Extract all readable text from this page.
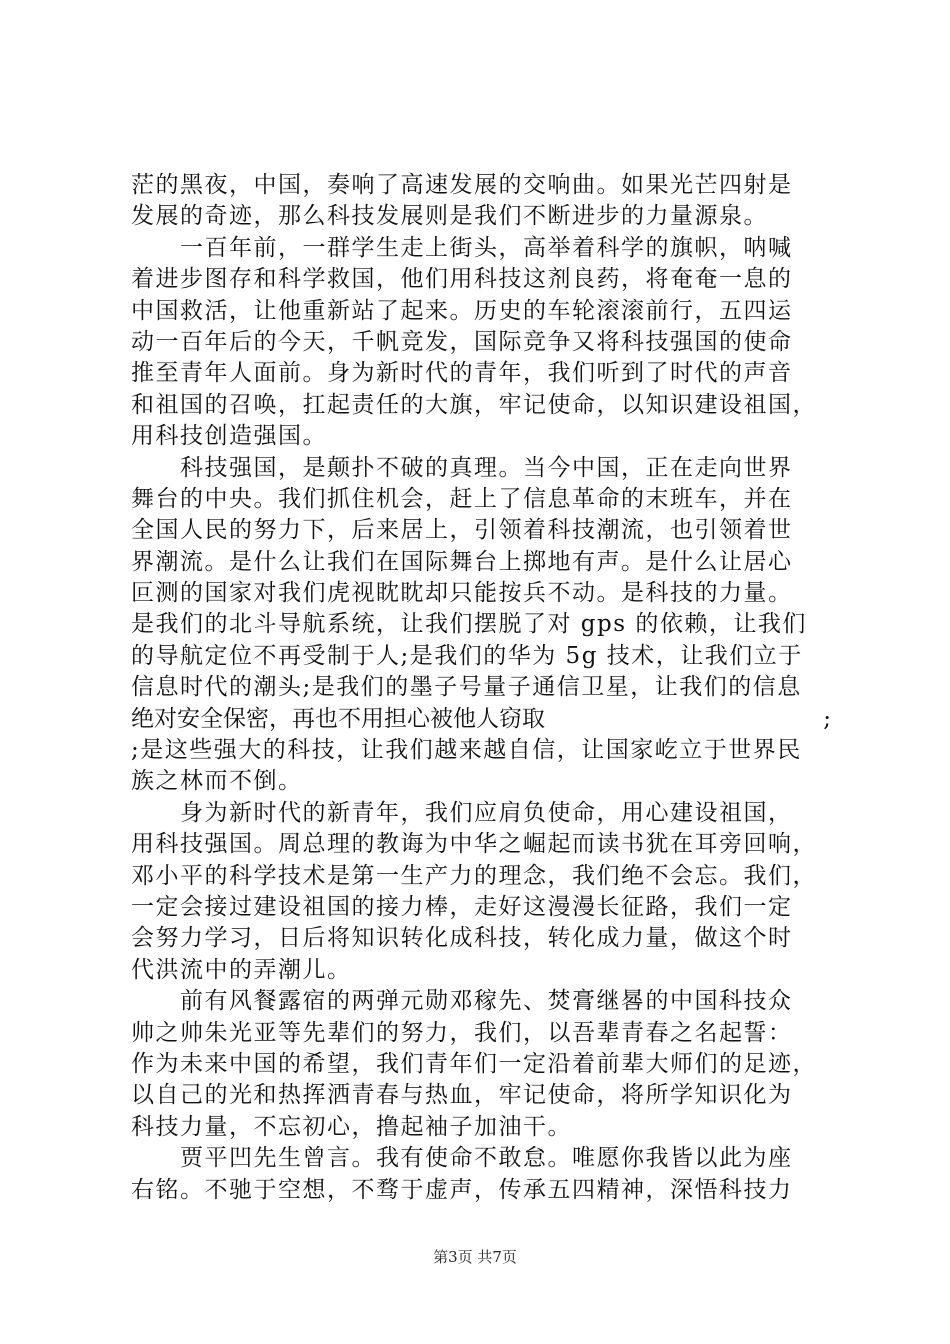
茫的黑夜，中国，奏响了高速发展的交响曲。如果光芒四射是
发展的奇迹，那么科技发展则是我们不断进步的力量源泉。
　　一百年前，一群学生走上街头，高举着科学的旗帜，呐喊
着进步图存和科学救国，他们用科技这剂良药，将奄奄一息的
中国救活，让他重新站了起来。历史的车轮滚滚前行，五四运
动一百年后的今天，千帆竞发，国际竞争又将科技强国的使命
推至青年人面前。身为新时代的青年，我们听到了时代的声音
和祖国的召唤，扛起责任的大旗，牢记使命，以知识建设祖国，
用科技创造强国。
　　科技强国，是颠扑不破的真理。当今中国，正在走向世界
舞台的中央。我们抓住机会，赶上了信息革命的末班车，并在
全国人民的努力下，后来居上，引领着科技潮流，也引领着世
界潮流。是什么让我们在国际舞台上掷地有声。是什么让居心
叵测的国家对我们虎视眈眈却只能按兵不动。是科技的力量。
是我们的北斗导航系统，让我们摆脱了对 gps 的依赖，让我们
的导航定位不再受制于人;是我们的华为 5g 技术，让我们立于
信息时代的潮头;是我们的墨子号量子通信卫星，让我们的信息
绝对安全保密，再也不用担心被他人窃取	;
;是这些强大的科技，让我们越来越自信，让国家屹立于世界民
族之林而不倒。
　　身为新时代的新青年，我们应肩负使命，用心建设祖国，
用科技强国。周总理的教诲为中华之崛起而读书犹在耳旁回响，
邓小平的科学技术是第一生产力的理念，我们绝不会忘。我们，
一定会接过建设祖国的接力棒，走好这漫漫长征路，我们一定
会努力学习，日后将知识转化成科技，转化成力量，做这个时
代洪流中的弄潮儿。
　　前有风餐露宿的两弹元勋邓稼先、焚膏继晷的中国科技众
帅之帅朱光亚等先辈们的努力，我们，以吾辈青春之名起誓：
作为未来中国的希望，我们青年们一定沿着前辈大师们的足迹，
以自己的光和热挥洒青春与热血，牢记使命，将所学知识化为
科技力量，不忘初心，撸起袖子加油干。
　　贾平凹先生曾言。我有使命不敢怠。唯愿你我皆以此为座
右铭。不驰于空想，不骛于虚声，传承五四精神，深悟科技力
第3页 共7页
